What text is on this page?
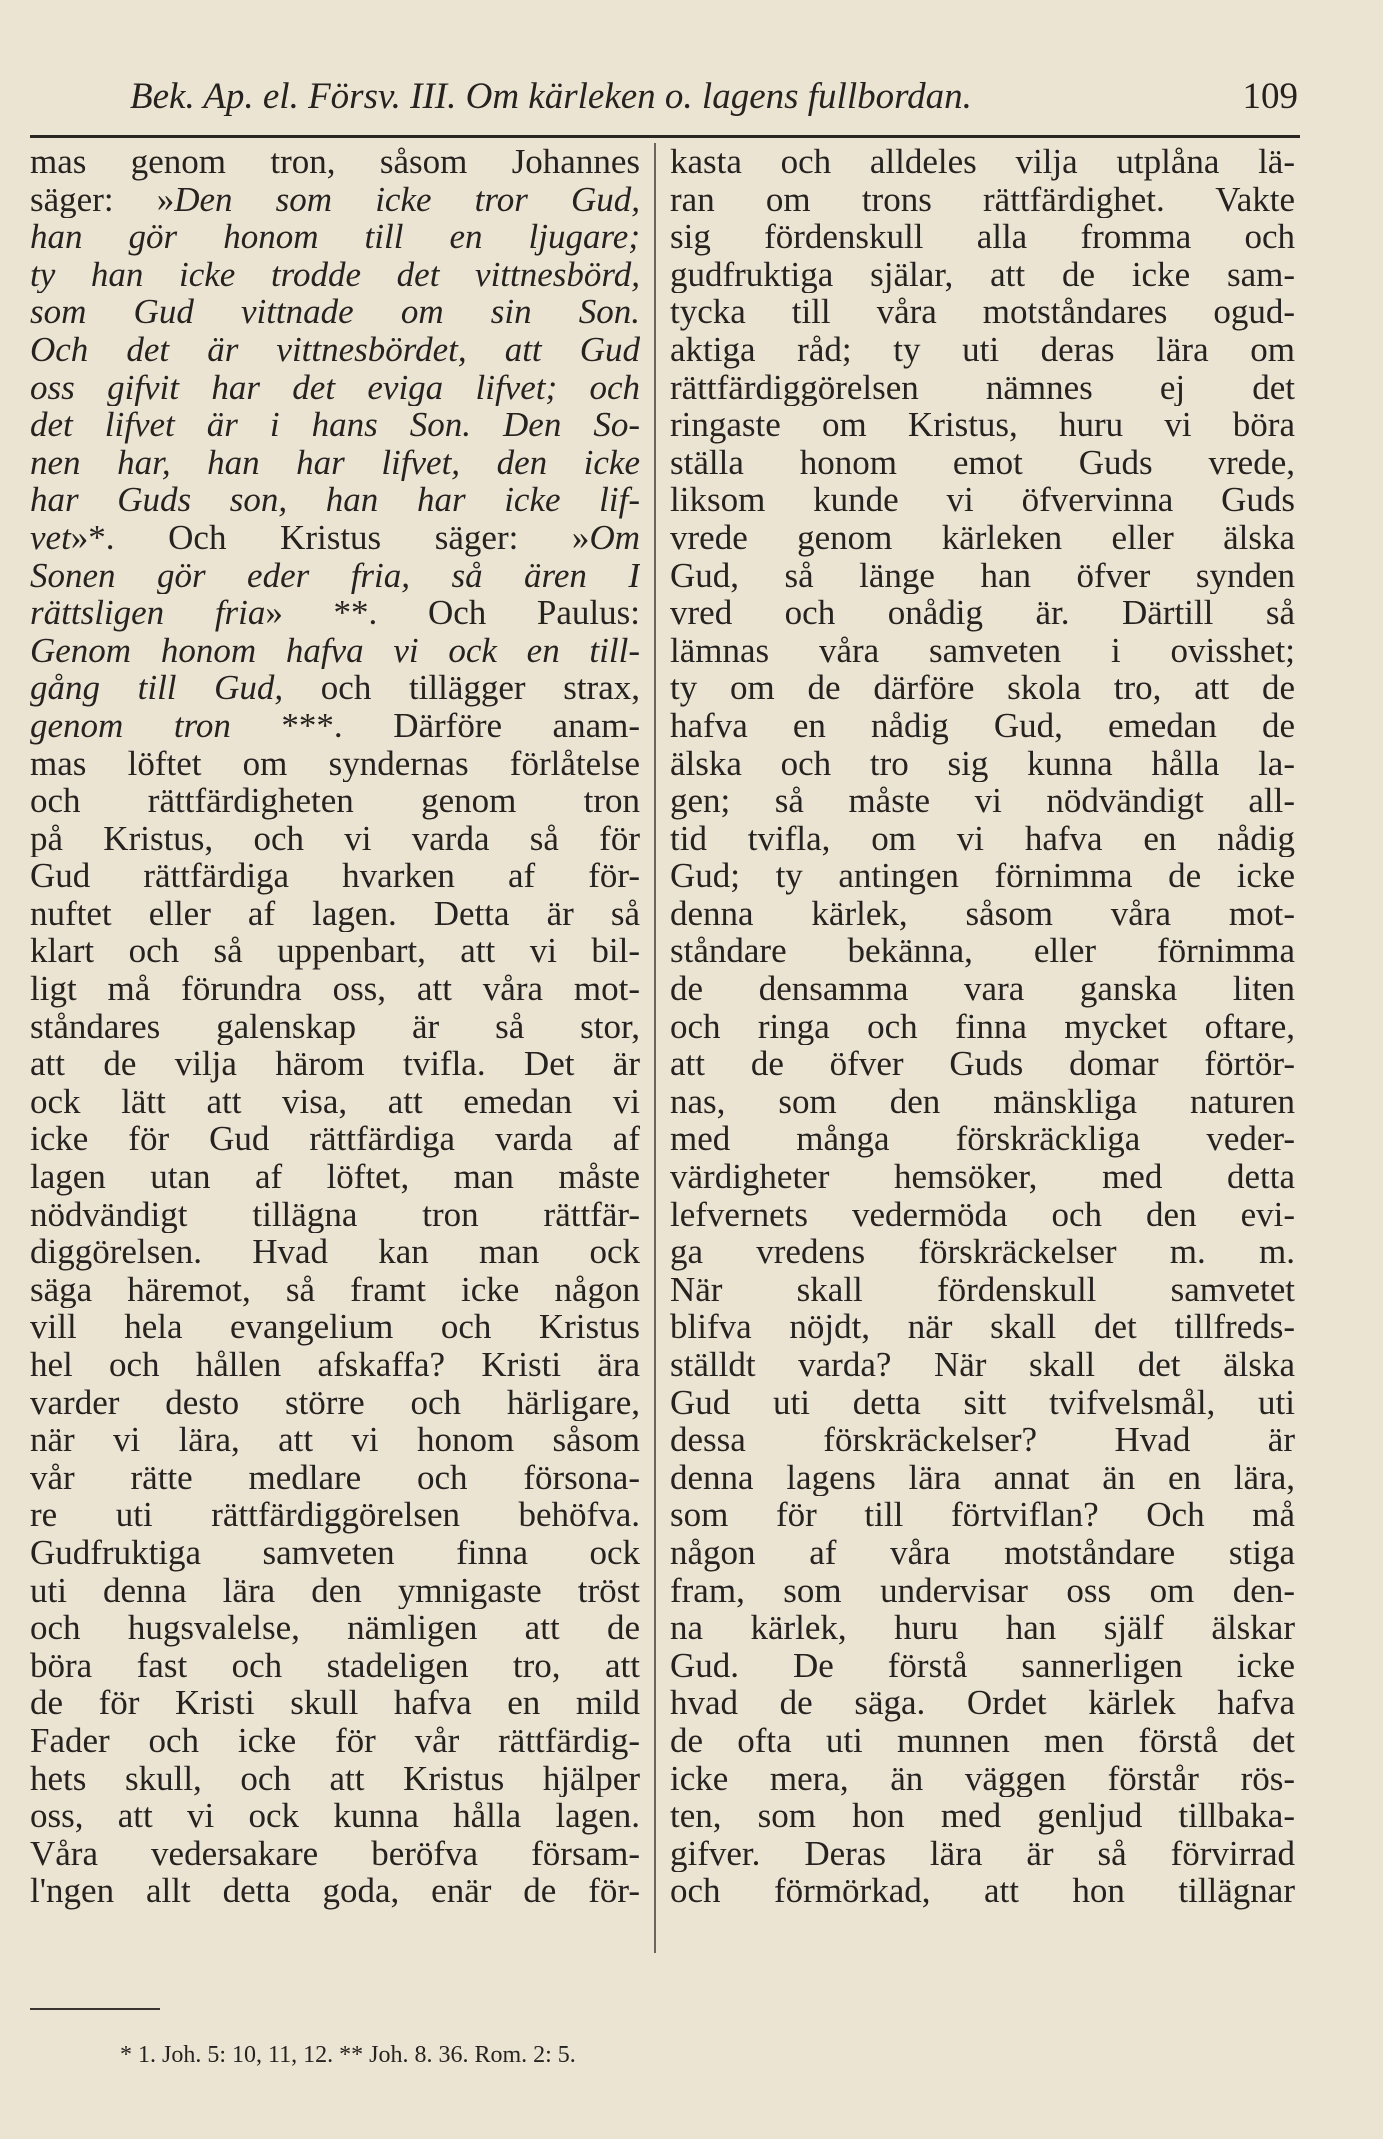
Bek. Ap. el. Försv. III. Om kärleken o. lagens fullbordan.	109
mas genom tron, såsom Johannes
säger: »Den som icke tror Gud,
han gör honom till en ljugare;
ty han icke trodde det vittnesbörd,
som Gud vittnade om sin Son.
Och det är vittnesbördet, att Gud
oss gifvit har det eviga lifvet; och
det lifvet är i hans Son. Den So-
nen har, han har lifvet, den icke
har Guds son, han har icke lif-
vet»*. Och Kristus säger: »Om
Sonen gör eder fria, så ären I
rättsligen fria» **. Och Paulus:
Genom honom hafva vi ock en till-
gång till Gud, och tillägger strax,
genom tron ***. Därföre anam-
mas löftet om syndernas förlåtelse
och rättfärdigheten genom tron
på Kristus, och vi varda så för
Gud rättfärdiga hvarken af för-
nuftet eller af lagen. Detta är så
klart och så uppenbart, att vi bil-
ligt må förundra oss, att våra mot-
ståndares galenskap är så stor,
att de vilja härom tvifla. Det är
ock lätt att visa, att emedan vi
icke för Gud rättfärdiga varda af
lagen utan af löftet, man måste
nödvändigt tillägna tron rättfär-
diggörelsen. Hvad kan man ock
säga häremot, så framt icke någon
vill hela evangelium och Kristus
hel och hållen afskaffa? Kristi ära
varder desto större och härligare,
när vi lära, att vi honom såsom
vår rätte medlare och försona-
re uti rättfärdiggörelsen behöfva.
Gudfruktiga samveten finna ock
uti denna lära den ymnigaste tröst
och hugsvalelse, nämligen att de
böra fast och stadeligen tro, att
de för Kristi skull hafva en mild
Fader och icke för vår rättfärdig-
hets skull, och att Kristus hjälper
oss, att vi ock kunna hålla lagen.
Våra vedersakare beröfva försam-
l'ngen allt detta goda, enär de för-
kasta och alldeles vilja utplåna lä-
ran om trons rättfärdighet. Vakte
sig fördenskull alla fromma och
gudfruktiga själar, att de icke sam-
tycka till våra motståndares ogud-
aktiga råd; ty uti deras lära om
rättfärdiggörelsen nämnes ej det
ringaste om Kristus, huru vi böra
ställa honom emot Guds vrede,
liksom kunde vi öfvervinna Guds
vrede genom kärleken eller älska
Gud, så länge han öfver synden
vred och onådig är. Därtill så
lämnas våra samveten i ovisshet;
ty om de därföre skola tro, att de
hafva en nådig Gud, emedan de
älska och tro sig kunna hålla la-
gen; så måste vi nödvändigt all-
tid tvifla, om vi hafva en nådig
Gud; ty antingen förnimma de icke
denna kärlek, såsom våra mot-
ståndare bekänna, eller förnimma
de densamma vara ganska liten
och ringa och finna mycket oftare,
att de öfver Guds domar förtör-
nas, som den mänskliga naturen
med många förskräckliga veder-
värdigheter hemsöker, med detta
lefvernets vedermöda och den evi-
ga vredens förskräckelser m. m.
När skall fördenskull samvetet
blifva nöjdt, när skall det tillfreds-
ställdt varda? När skall det älska
Gud uti detta sitt tvifvelsmål, uti
dessa förskräckelser? Hvad är
denna lagens lära annat än en lära,
som för till förtviflan? Och må
någon af våra motståndare stiga
fram, som undervisar oss om den-
na kärlek, huru han själf älskar
Gud. De förstå sannerligen icke
hvad de säga. Ordet kärlek hafva
de ofta uti munnen men förstå det
icke mera, än väggen förstår rös-
ten, som hon med genljud tillbaka-
gifver. Deras lära är så förvirrad
och förmörkad, att hon tillägnar
* 1. Joh. 5: 10, 11, 12. ** Joh. 8. 36. Rom. 2: 5.
